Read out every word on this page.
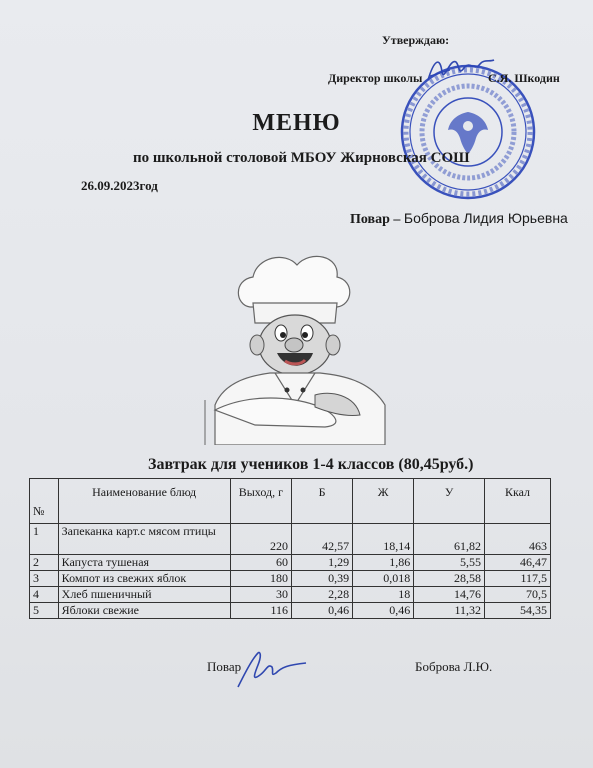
Утверждаю:
Директор школы	С.Я. Шкодин
МЕНЮ
по школьной столовой МБОУ Жирновская СОШ
26.09.2023год
Повар – Боброва Лидия Юрьевна
Завтрак для учеников 1-4 классов (80,45руб.)
№	Наименование блюд	Выход, г	Б	Ж	У	Ккал
1	Запеканка карт.с мясом птицы	220	42,57	18,14	61,82	463
2	Капуста тушеная	60	1,29	1,86	5,55	46,47
3	Компот из свежих яблок	180	0,39	0,018	28,58	117,5
4	Хлеб пшеничный	30	2,28	18	14,76	70,5
5	Яблоки свежие	116	0,46	0,46	11,32	54,35
Повар	Боброва Л.Ю.
